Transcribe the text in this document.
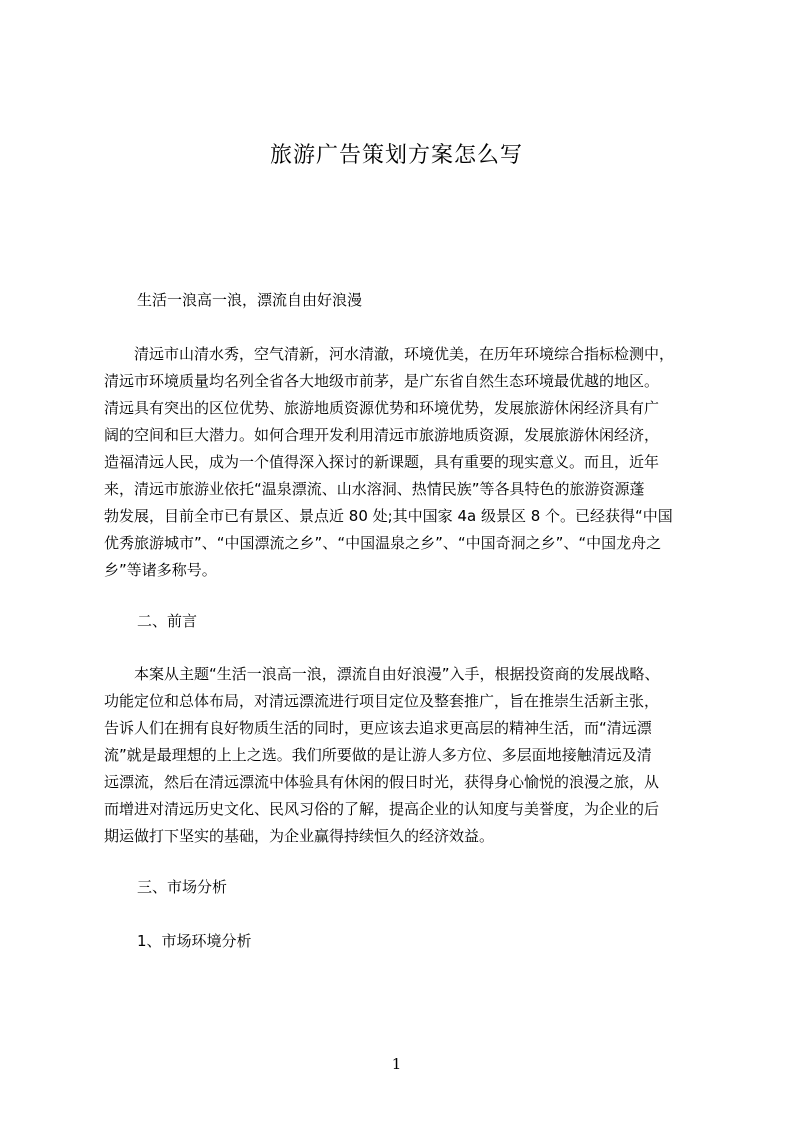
旅游广告策划方案怎么写
生活一浪高一浪，漂流自由好浪漫
　　清远市山清水秀，空气清新，河水清澈，环境优美，在历年环境综合指标检测中，
清远市环境质量均名列全省各大地级市前茅，是广东省自然生态环境最优越的地区。
清远具有突出的区位优势、旅游地质资源优势和环境优势，发展旅游休闲经济具有广
阔的空间和巨大潜力。如何合理开发利用清远市旅游地质资源，发展旅游休闲经济，
造福清远人民，成为一个值得深入探讨的新课题，具有重要的现实意义。而且，近年
来，清远市旅游业依托“温泉漂流、山水溶洞、热情民族”等各具特色的旅游资源蓬
勃发展，目前全市已有景区、景点近 80 处;其中国家 4a 级景区 8 个。已经获得“中国
优秀旅游城市”、“中国漂流之乡”、“中国温泉之乡”、“中国奇洞之乡”、“中国龙舟之
乡”等诸多称号。
二、前言
　　本案从主题“生活一浪高一浪，漂流自由好浪漫”入手，根据投资商的发展战略、
功能定位和总体布局，对清远漂流进行项目定位及整套推广，旨在推崇生活新主张，
告诉人们在拥有良好物质生活的同时，更应该去追求更高层的精神生活，而“清远漂
流”就是最理想的上上之选。我们所要做的是让游人多方位、多层面地接触清远及清
远漂流，然后在清远漂流中体验具有休闲的假日时光，获得身心愉悦的浪漫之旅，从
而增进对清远历史文化、民风习俗的了解，提高企业的认知度与美誉度，为企业的后
期运做打下坚实的基础，为企业赢得持续恒久的经济效益。
三、市场分析
1、市场环境分析
1
